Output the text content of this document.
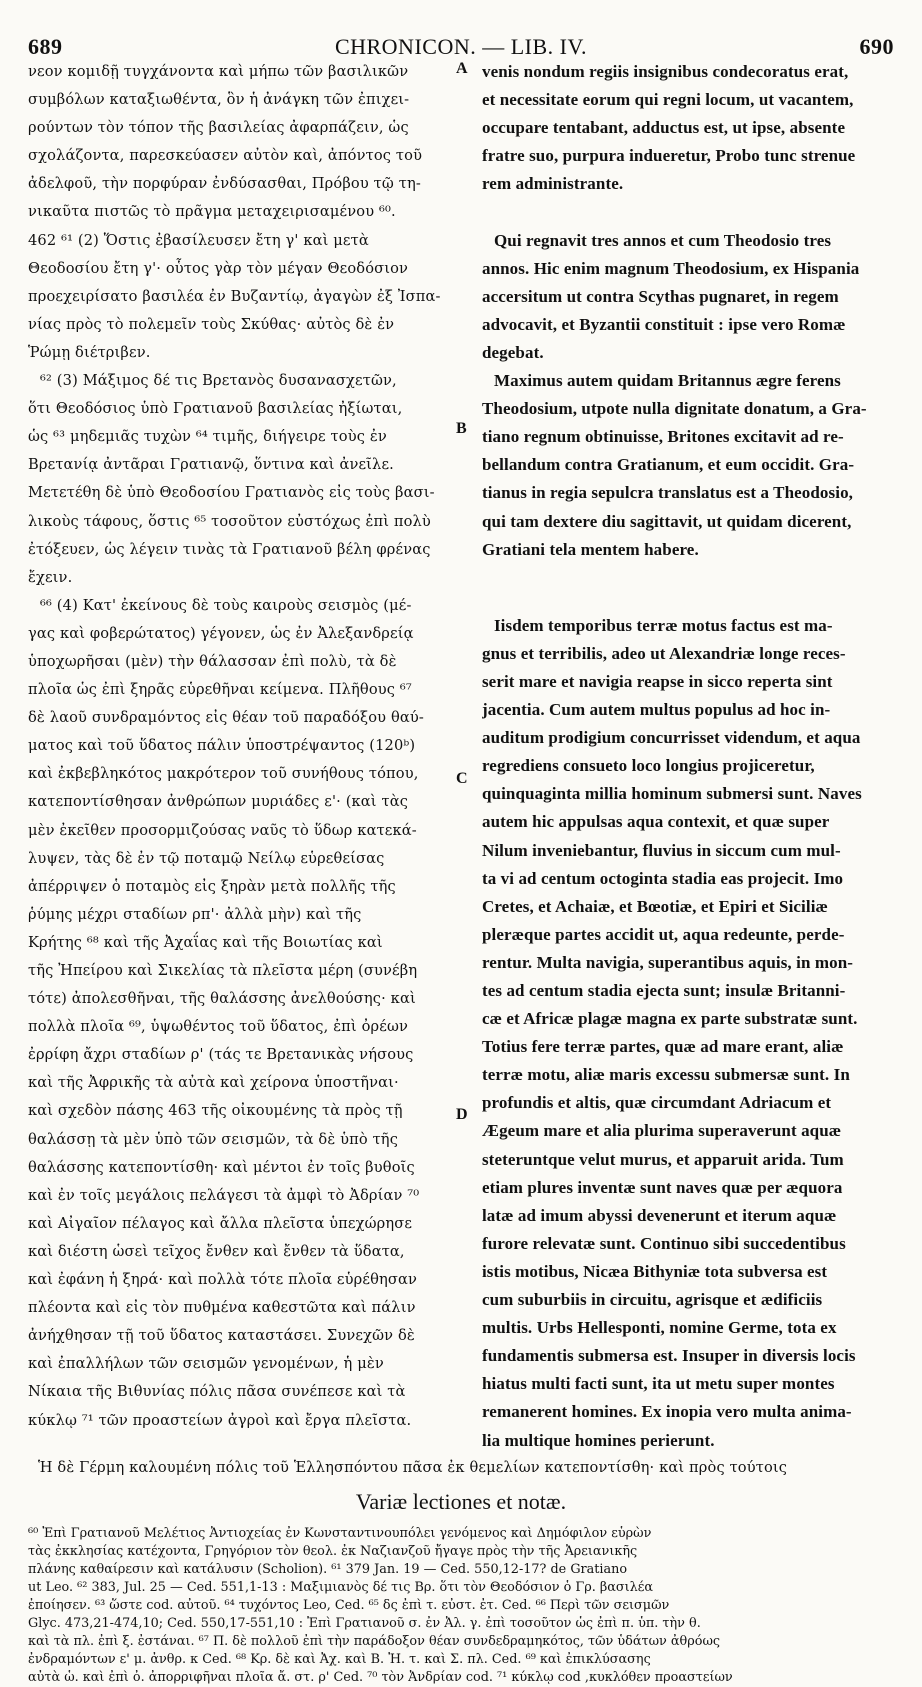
689	CHRONICON. — LIB. IV.	690
A
B
C
D
νεον κομιδῇ τυγχάνοντα καὶ μήπω τῶν βασιλικῶν
συμβόλων καταξιωθέντα, ὃν ἡ ἀνάγκη τῶν ἐπιχει-
ρούντων τὸν τόπον τῆς βασιλείας ἀφαρπάζειν, ὡς
σχολάζοντα, παρεσκεύασεν αὐτὸν καὶ, ἀπόντος τοῦ
ἀδελφοῦ, τὴν πορφύραν ἐνδύσασθαι, Πρόβου τῷ τη-
νικαῦτα πιστῶς τὸ πρᾶγμα μεταχειρισαμένου ⁶⁰.
462 ⁶¹ (2) Ὅστις ἐβασίλευσεν ἔτη γ' καὶ μετὰ
Θεοδοσίου ἔτη γ'· οὗτος γὰρ τὸν μέγαν Θεοδόσιον
προεχειρίσατο βασιλέα ἐν Βυζαντίῳ, ἀγαγὼν ἐξ Ἰσπα-
νίας πρὸς τὸ πολεμεῖν τοὺς Σκύθας· αὐτὸς δὲ ἐν
Ῥώμῃ διέτριβεν.
⁶² (3) Μάξιμος δέ τις Βρετανὸς δυσανασχετῶν,
ὅτι Θεοδόσιος ὑπὸ Γρατιανοῦ βασιλείας ἠξίωται,
ὡς ⁶³ μηδεμιᾶς τυχὼν ⁶⁴ τιμῆς, διήγειρε τοὺς ἐν
Βρετανίᾳ ἀντᾶραι Γρατιανῷ, ὅντινα καὶ ἀνεῖλε.
Μετετέθη δὲ ὑπὸ Θεοδοσίου Γρατιανὸς εἰς τοὺς βασι-
λικοὺς τάφους, ὅστις ⁶⁵ τοσοῦτον εὐστόχως ἐπὶ πολὺ
ἐτόξευεν, ὡς λέγειν τινὰς τὰ Γρατιανοῦ βέλη φρένας
ἔχειν.
⁶⁶ (4) Κατ' ἐκείνους δὲ τοὺς καιροὺς σεισμὸς (μέ-
γας καὶ φοβερώτατος) γέγονεν, ὡς ἐν Ἀλεξανδρείᾳ
ὑποχωρῆσαι (μὲν) τὴν θάλασσαν ἐπὶ πολὺ, τὰ δὲ
πλοῖα ὡς ἐπὶ ξηρᾶς εὑρεθῆναι κείμενα. Πλῆθους ⁶⁷
δὲ λαοῦ συνδραμόντος εἰς θέαν τοῦ παραδόξου θαύ-
ματος καὶ τοῦ ὕδατος πάλιν ὑποστρέψαντος (120ᵇ)
καὶ ἐκβεβληκότος μακρότερον τοῦ συνήθους τόπου,
κατεποντίσθησαν ἀνθρώπων μυριάδες ε'· (καὶ τὰς
μὲν ἐκεῖθεν προσορμιζούσας ναῦς τὸ ὕδωρ κατεκά-
λυψεν, τὰς δὲ ἐν τῷ ποταμῷ Νείλῳ εὑρεθείσας
ἀπέρριψεν ὁ ποταμὸς εἰς ξηρὰν μετὰ πολλῆς τῆς
ῥύμης μέχρι σταδίων ρπ'· ἀλλὰ μὴν) καὶ τῆς
Κρήτης ⁶⁸ καὶ τῆς Ἀχαΐας καὶ τῆς Βοιωτίας καὶ
τῆς Ἠπείρου καὶ Σικελίας τὰ πλεῖστα μέρη (συνέβη
τότε) ἀπολεσθῆναι, τῆς θαλάσσης ἀνελθούσης· καὶ
πολλὰ πλοῖα ⁶⁹, ὑψωθέντος τοῦ ὕδατος, ἐπὶ ὀρέων
ἐρρίφη ἄχρι σταδίων ρ' (τάς τε Βρετανικὰς νήσους
καὶ τῆς Ἀφρικῆς τὰ αὐτὰ καὶ χείρονα ὑποστῆναι·
καὶ σχεδὸν πάσης 463 τῆς οἰκουμένης τὰ πρὸς τῇ
θαλάσσῃ τὰ μὲν ὑπὸ τῶν σεισμῶν, τὰ δὲ ὑπὸ τῆς
θαλάσσης κατεποντίσθη· καὶ μέντοι ἐν τοῖς βυθοῖς
καὶ ἐν τοῖς μεγάλοις πελάγεσι τὰ ἀμφὶ τὸ Ἀδρίαν ⁷⁰
καὶ Αἰγαῖον πέλαγος καὶ ἄλλα πλεῖστα ὑπεχώρησε
καὶ διέστη ὡσεὶ τεῖχος ἔνθεν καὶ ἔνθεν τὰ ὕδατα,
καὶ ἐφάνη ἡ ξηρά· καὶ πολλὰ τότε πλοῖα εὑρέθησαν
πλέοντα καὶ εἰς τὸν πυθμένα καθεστῶτα καὶ πάλιν
ἀνήχθησαν τῇ τοῦ ὕδατος καταστάσει. Συνεχῶν δὲ
καὶ ἐπαλλήλων τῶν σεισμῶν γενομένων, ἡ μὲν
Νίκαια τῆς Βιθυνίας πόλις πᾶσα συνέπεσε καὶ τὰ
κύκλῳ ⁷¹ τῶν προαστείων ἀγροὶ καὶ ἔργα πλεῖστα.
venis nondum regiis insignibus condecoratus erat,
et necessitate eorum qui regni locum, ut vacantem,
occupare tentabant, adductus est, ut ipse, absente
fratre suo, purpura indueretur, Probo tunc strenue
rem administrante.
Qui regnavit tres annos et cum Theodosio tres
annos. Hic enim magnum Theodosium, ex Hispania
accersitum ut contra Scythas pugnaret, in regem
advocavit, et Byzantii constituit : ipse vero Romæ
degebat.
Maximus autem quidam Britannus ægre ferens
Theodosium, utpote nulla dignitate donatum, a Gra-
tiano regnum obtinuisse, Britones excitavit ad re-
bellandum contra Gratianum, et eum occidit. Gra-
tianus in regia sepulcra translatus est a Theodosio,
qui tam dextere diu sagittavit, ut quidam dicerent,
Gratiani tela mentem habere.
Iisdem temporibus terræ motus factus est ma-
gnus et terribilis, adeo ut Alexandriæ longe reces-
serit mare et navigia reapse in sicco reperta sint
jacentia. Cum autem multus populus ad hoc in-
auditum prodigium concurrisset videndum, et aqua
regrediens consueto loco longius projiceretur,
quinquaginta millia hominum submersi sunt. Naves
autem hic appulsas aqua contexit, et quæ super
Nilum inveniebantur, fluvius in siccum cum mul-
ta vi ad centum octoginta stadia eas projecit. Imo
Cretes, et Achaiæ, et Bœotiæ, et Epiri et Siciliæ
pleræque partes accidit ut, aqua redeunte, perde-
rentur. Multa navigia, superantibus aquis, in mon-
tes ad centum stadia ejecta sunt; insulæ Britanni-
cæ et Africæ plagæ magna ex parte substratæ sunt.
Totius fere terræ partes, quæ ad mare erant, aliæ
terræ motu, aliæ maris excessu submersæ sunt. In
profundis et altis, quæ circumdant Adriacum et
Ægeum mare et alia plurima superaverunt aquæ
steteruntque velut murus, et apparuit arida. Tum
etiam plures inventæ sunt naves quæ per æquora
latæ ad imum abyssi devenerunt et iterum aquæ
furore relevatæ sunt. Continuo sibi succedentibus
istis motibus, Nicæa Bithyniæ tota subversa est
cum suburbiis in circuitu, agrisque et ædificiis
multis. Urbs Hellesponti, nomine Germe, tota ex
fundamentis submersa est. Insuper in diversis locis
hiatus multi facti sunt, ita ut metu super montes
remanerent homines. Ex inopia vero multa anima-
lia multique homines perierunt.
Ἡ δὲ Γέρμη καλουμένη πόλις τοῦ Ἑλλησπόντου πᾶσα ἐκ θεμελίων κατεποντίσθη· καὶ πρὸς τούτοις
Variæ lectiones et notæ.
⁶⁰ Ἐπὶ Γρατιανοῦ Μελέτιος Ἀντιοχείας ἐν Κωνσταντινουπόλει γενόμενος καὶ Δημόφιλον εὑρὼν
τὰς ἐκκλησίας κατέχοντα, Γρηγόριον τὸν θεολ. ἐκ Ναζιανζοῦ ἤγαγε πρὸς τὴν τῆς Ἀρειανικῆς
πλάνης καθαίρεσιν καὶ κατάλυσιν (Scholion). ⁶¹ 379 Jan. 19 — Ced. 550,12-17? de Gratiano
ut Leo. ⁶² 383, Jul. 25 — Ced. 551,1-13 : Μαξιμιανὸς δέ τις Βρ. ὅτι τὸν Θεοδόσιον ὁ Γρ. βασιλέα
ἐποίησεν. ⁶³ ὥστε cod. αὐτοῦ. ⁶⁴ τυχόντος Leo, Ced. ⁶⁵ δς ἐπὶ τ. εὐστ. ἐτ. Ced. ⁶⁶ Περὶ τῶν σεισμῶν
Glyc. 473,21-474,10; Ced. 550,17-551,10 : Ἐπὶ Γρατιανοῦ σ. ἐν Ἀλ. γ. ἐπὶ τοσοῦτον ὡς ἐπὶ π. ὑπ. τὴν θ.
καὶ τὰ πλ. ἐπὶ ξ. ἐστάναι. ⁶⁷ Π. δὲ πολλοῦ ἐπὶ τὴν παράδοξον θέαν συνδεδραμηκότος, τῶν ὑδάτων ἀθρόως
ἐνδραμόντων ε' μ. ἀνθρ. κ Ced. ⁶⁸ Κρ. δὲ καὶ Ἀχ. καὶ Β. Ἠ. τ. καὶ Σ. πλ. Ced. ⁶⁹ καὶ ἐπικλύσασης
αὐτὰ ὡ. καὶ ἐπὶ ὀ. ἀπορριφῆναι πλοῖα ἄ. στ. ρ' Ced. ⁷⁰ τὸν Ἀνδρίαν cod. ⁷¹ κύκλῳ cod ,κυκλόθεν προαστείων
